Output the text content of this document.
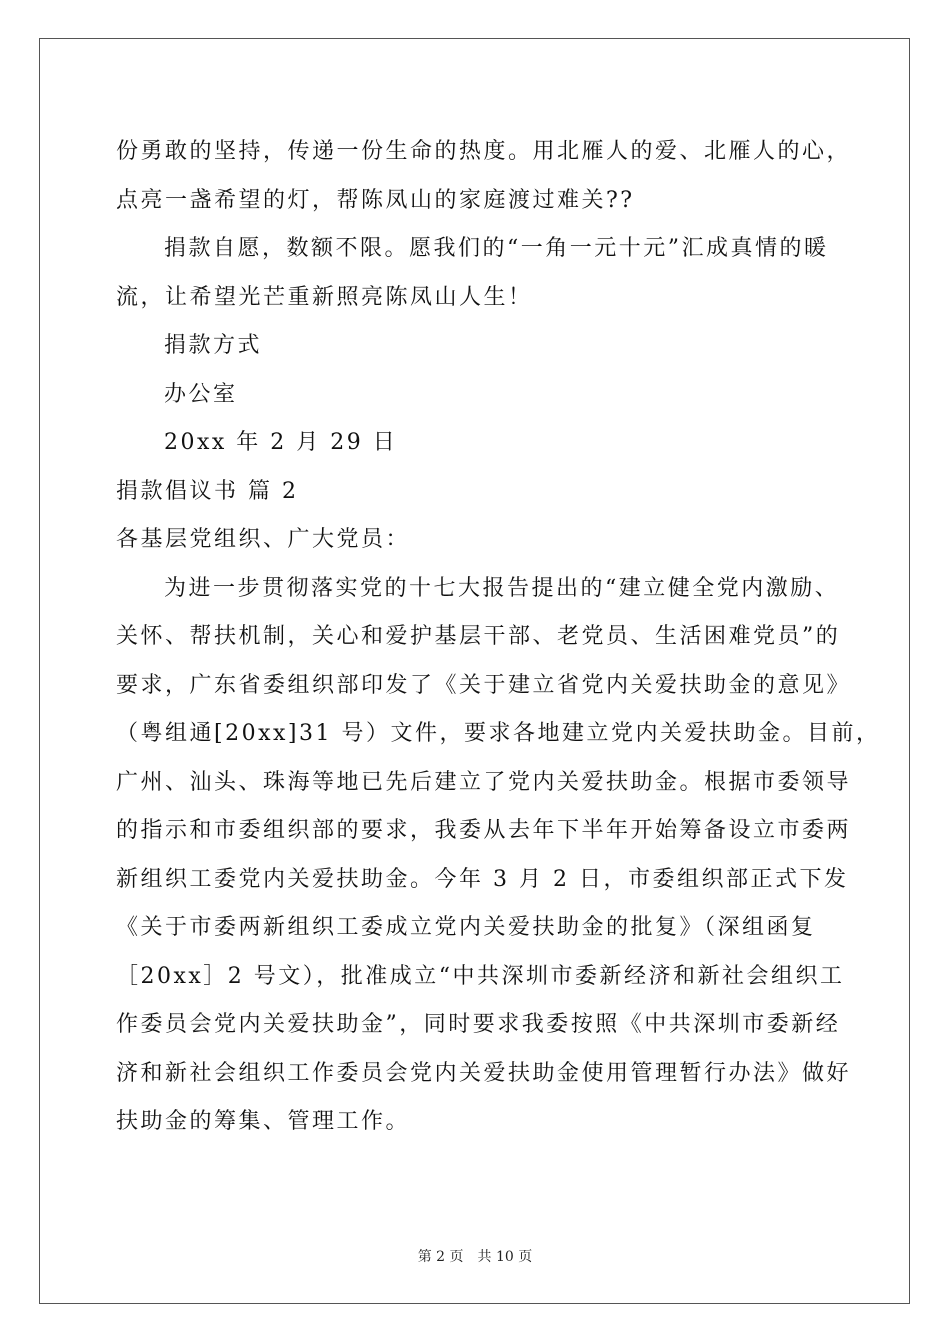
份勇敢的坚持，传递一份生命的热度。用北雁人的爱、北雁人的心，
点亮一盏希望的灯，帮陈凤山的家庭渡过难关??
捐款自愿，数额不限。愿我们的“一角一元十元”汇成真情的暖
流，让希望光芒重新照亮陈凤山人生！
捐款方式
办公室
20xx 年 2 月 29 日
捐款倡议书 篇 2
各基层党组织、广大党员：
为进一步贯彻落实党的十七大报告提出的“建立健全党内激励、
关怀、帮扶机制，关心和爱护基层干部、老党员、生活困难党员”的
要求，广东省委组织部印发了《关于建立省党内关爱扶助金的意见》
（粤组通[20xx]31 号）文件，要求各地建立党内关爱扶助金。目前，
广州、汕头、珠海等地已先后建立了党内关爱扶助金。根据市委领导
的指示和市委组织部的要求，我委从去年下半年开始筹备设立市委两
新组织工委党内关爱扶助金。今年 3 月 2 日，市委组织部正式下发
《关于市委两新组织工委成立党内关爱扶助金的批复》（深组函复
［20xx］2 号文），批准成立“中共深圳市委新经济和新社会组织工
作委员会党内关爱扶助金”，同时要求我委按照《中共深圳市委新经
济和新社会组织工作委员会党内关爱扶助金使用管理暂行办法》做好
扶助金的筹集、管理工作。
第 2 页 共 10 页
